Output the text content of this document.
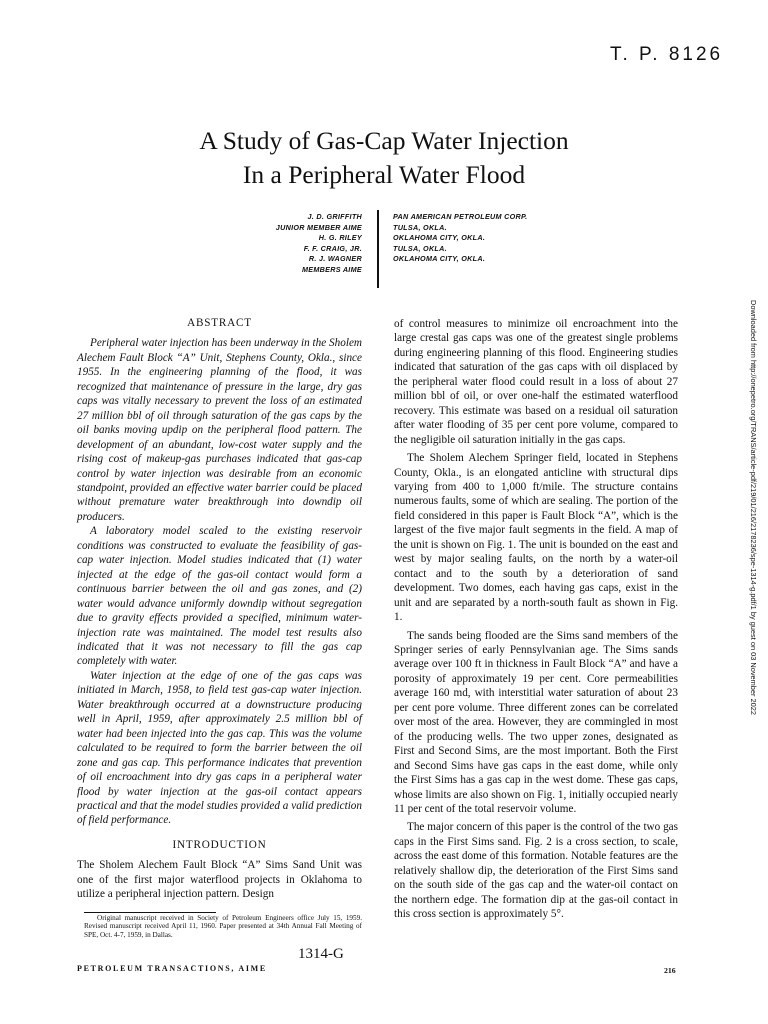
T. P. 8126
A Study of Gas-Cap Water Injection
In a Peripheral Water Flood
J. D. GRIFFITH
JUNIOR MEMBER AIME
H. G. RILEY
F. F. CRAIG, JR.
R. J. WAGNER
MEMBERS AIME
PAN AMERICAN PETROLEUM CORP.
TULSA, OKLA.
OKLAHOMA CITY, OKLA.
TULSA, OKLA.
OKLAHOMA CITY, OKLA.

ABSTRACT

Peripheral water injection has been underway in the Sholem Alechem Fault Block “A” Unit, Stephens County, Okla., since 1955. In the engineering planning of the flood, it was recognized that maintenance of pressure in the large, dry gas caps was vitally necessary to prevent the loss of an estimated 27 million bbl of oil through saturation of the gas caps by the oil banks moving updip on the peripheral flood pattern. The development of an abundant, low-cost water supply and the rising cost of makeup-gas purchases indicated that gas-cap control by water injection was desirable from an economic standpoint, provided an effective water barrier could be placed without premature water breakthrough into downdip oil producers.

A laboratory model scaled to the existing reservoir conditions was constructed to evaluate the feasibility of gas-cap water injection. Model studies indicated that (1) water injected at the edge of the gas-oil contact would form a continuous barrier between the oil and gas zones, and (2) water would advance uniformly downdip without segregation due to gravity effects provided a specified, minimum water-injection rate was maintained. The model test results also indicated that it was not necessary to fill the gas cap completely with water.

Water injection at the edge of one of the gas caps was initiated in March, 1958, to field test gas-cap water injection. Water breakthrough occurred at a downstructure producing well in April, 1959, after approximately 2.5 million bbl of water had been injected into the gas cap. This was the volume calculated to be required to form the barrier between the oil zone and gas cap. This performance indicates that prevention of oil encroachment into dry gas caps in a peripheral water flood by water injection at the gas-oil contact appears practical and that the model studies provided a valid prediction of field performance.

INTRODUCTION

The Sholem Alechem Fault Block “A” Sims Sand Unit was one of the first major waterflood projects in Oklahoma to utilize a peripheral injection pattern. Design

of control measures to minimize oil encroachment into the large crestal gas caps was one of the greatest single problems during engineering planning of this flood. Engineering studies indicated that saturation of the gas caps with oil displaced by the peripheral water flood could result in a loss of about 27 million bbl of oil, or over one-half the estimated waterflood recovery. This estimate was based on a residual oil saturation after water flooding of 35 per cent pore volume, compared to the negligible oil saturation initially in the gas caps.

The Sholem Alechem Springer field, located in Stephens County, Okla., is an elongated anticline with structural dips varying from 400 to 1,000 ft/mile. The structure contains numerous faults, some of which are sealing. The portion of the field considered in this paper is Fault Block “A”, which is the largest of the five major fault segments in the field. A map of the unit is shown on Fig. 1. The unit is bounded on the east and west by major sealing faults, on the north by a water-oil contact and to the south by a deterioration of sand development. Two domes, each having gas caps, exist in the unit and are separated by a north-south fault as shown in Fig. 1.

The sands being flooded are the Sims sand members of the Springer series of early Pennsylvanian age. The Sims sands average over 100 ft in thickness in Fault Block “A” and have a porosity of approximately 19 per cent. Core permeabilities average 160 md, with interstitial water saturation of about 23 per cent pore volume. Three different zones can be correlated over most of the area. However, they are commingled in most of the producing wells. The two upper zones, designated as First and Second Sims, are the most important. Both the First and Second Sims have gas caps in the east dome, while only the First Sims has a gas cap in the west dome. These gas caps, whose limits are also shown on Fig. 1, initially occupied nearly 11 per cent of the total reservoir volume.

The major concern of this paper is the control of the two gas caps in the First Sims sand. Fig. 2 is a cross section, to scale, across the east dome of this formation. Notable features are the relatively shallow dip, the deterioration of the First Sims sand on the south side of the gas cap and the water-oil contact on the northern edge. The formation dip at the gas-oil contact in this cross section is approximately 5°.

Original manuscript received in Society of Petroleum Engineers office July 15, 1959. Revised manuscript received April 11, 1960. Paper presented at 34th Annual Fall Meeting of SPE, Oct. 4-7, 1959, in Dallas.

1314-G
PETROLEUM TRANSACTIONS, AIME	216
Downloaded from http://onepetro.org/TRANS/article-pdf/219/01/216/2178236/spe-1314-g.pdf/1 by guest on 03 November 2022
